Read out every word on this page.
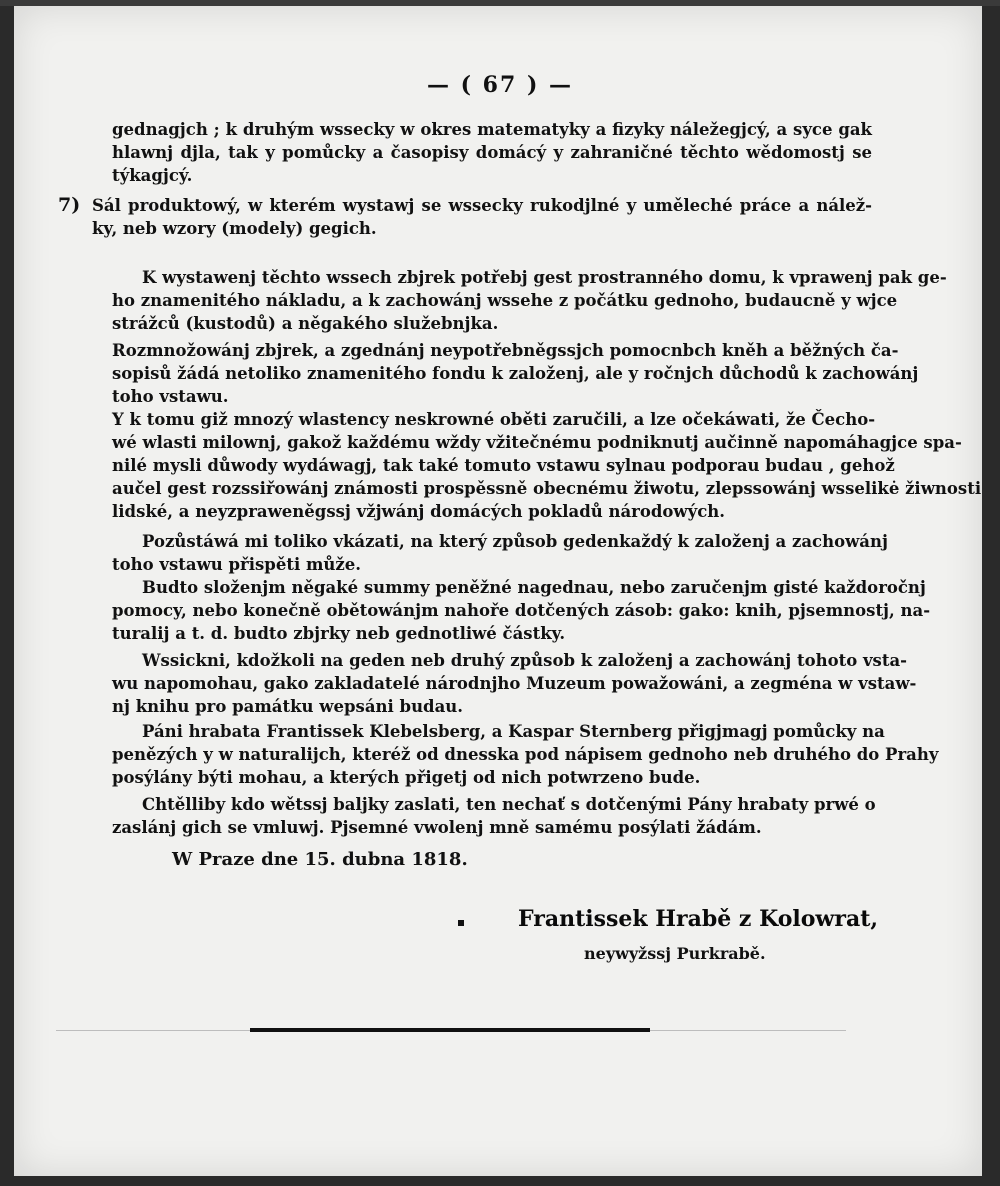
— ( 67 ) —
gednagjch ; k druhým wssecky w okres matematyky a fizyky náležegjcý, a syce gak
hlawnj djla, tak y pomůcky a časopisy domácý y zahraničné těchto wědomostj se
týkagjcý.
7) Sál produktowý, w kterém wystawj se wssecky rukodjlné y uměleché práce a nálež-
ky, neb wzory (modely) gegich.
K wystawenj těchto wssech zbjrek potřebj gest prostranného domu, k vprawenj pak ge-
ho znamenitého nákladu, a k zachowánj wssehe z počátku gednoho, budaucně y wjce
strážců (kustodů) a něgakého služebnjka.
Rozmnožowánj zbjrek, a zgednánj neypotřebněgssjch pomocnbch kněh a běžných ča-
sopisů žádá netoliko znamenitého fondu k založenj, ale y ročnjch důchodů k zachowánj
toho vstawu.
Y k tomu giž mnozý wlastency neskrowné oběti zaručili, a lze očekáwati, že Čecho-
wé wlasti milownj, gakož každému wždy vžitečnému podniknutj aučinně napomáhagjce spa-
nilé mysli důwody wydáwagj, tak také tomuto vstawu sylnau podporau budau , gehož
aučel gest rozssiřowánj známosti prospěssně obecnému žiwotu, zlepssowánj wsselikė žiwnosti
lidské, a neyzpraweněgssj vžjwánj domácých pokladů národowých.
Pozůstáwá mi toliko vkázati, na který způsob gedenkaždý k založenj a zachowánj
toho vstawu přispěti může.
Budto složenjm něgaké summy peněžné nagednau, nebo zaručenjm gisté každoročnj
pomocy, nebo konečně obětowánjm nahoře dotčených zásob: gako: knih, pjsemnostj, na-
turalij a t. d. budto zbjrky neb gednotliwé částky.
Wssickni, kdožkoli na geden neb druhý způsob k založenj a zachowánj tohoto vsta-
wu napomohau, gako zakladatelé národnjho Muzeum powažowáni, a zegména w vstaw-
nj knihu pro památku wepsáni budau.
Páni hrabata Frantissek Klebelsberg, a Kaspar Sternberg přigjmagj pomůcky na
penězých y w naturalijch, kteréž od dnesska pod nápisem gednoho neb druhého do Prahy
posýlány býti mohau, a kterých přigetj od nich potwrzeno bude.
Chtělliby kdo wětssj balјky zaslati, ten nechať s dotčenými Pány hrabaty prwé o
zaslánj gich se vmluwj. Pjsemné vwolenj mně samému posýlati žádám.
W Praze dne 15. dubna 1818.
Frantissek Hrabě z Kolowrat,
neywyžssj Purkrabě.
